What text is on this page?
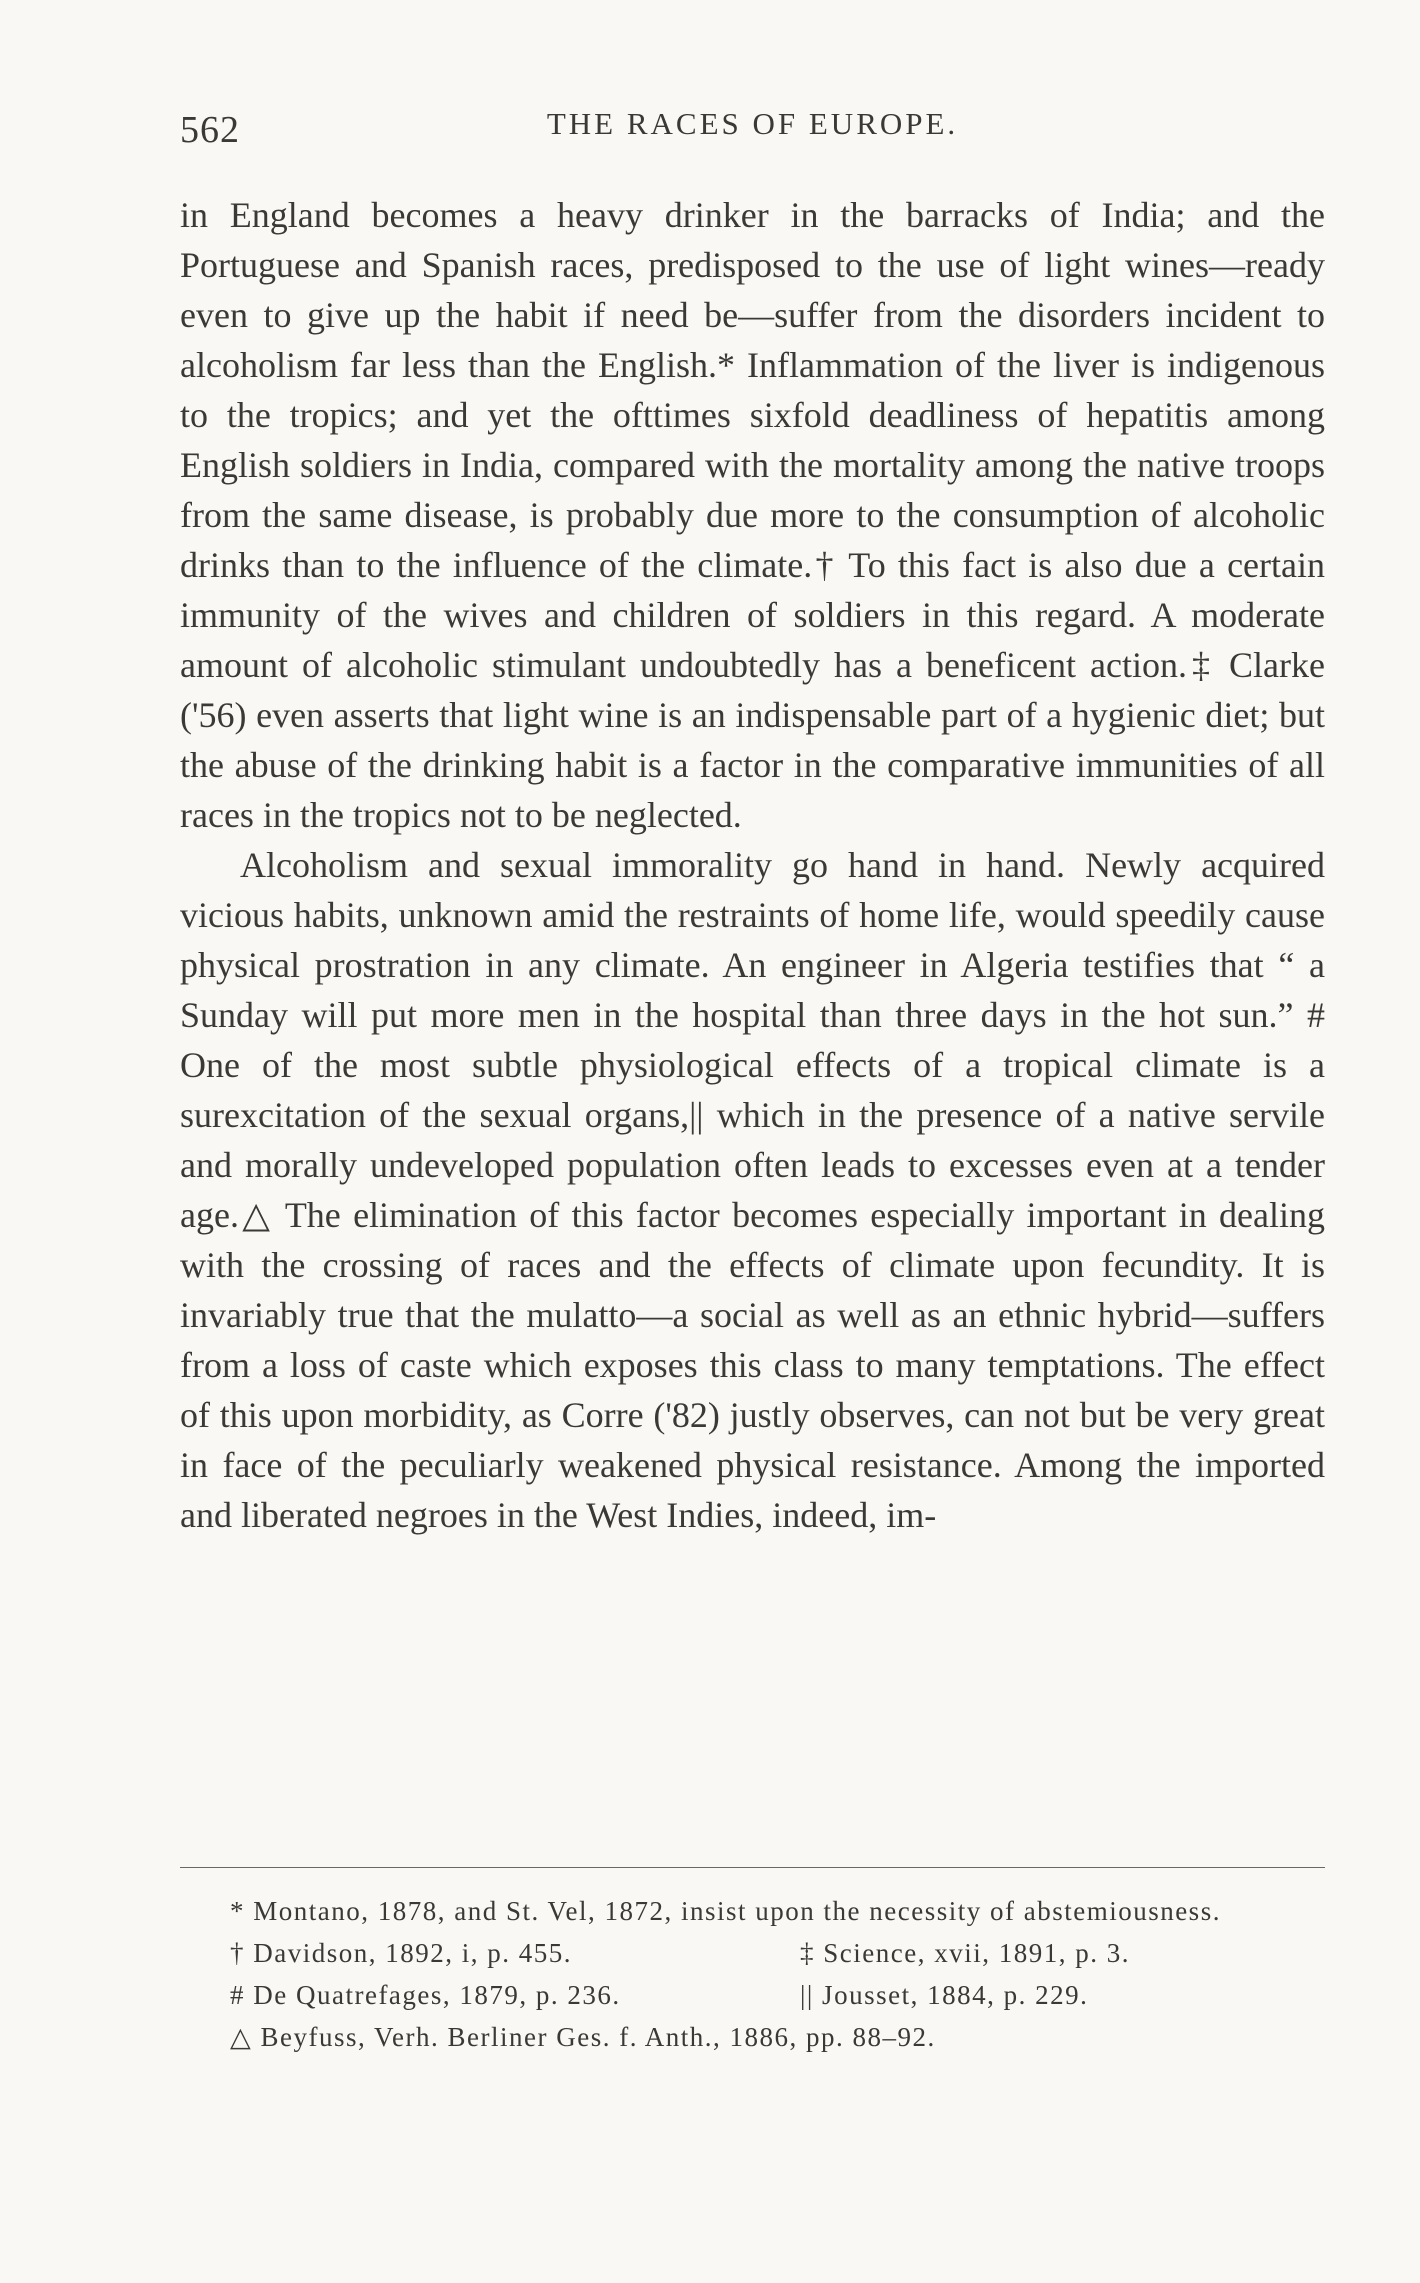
562	THE RACES OF EUROPE.

in England becomes a heavy drinker in the barracks of India; and the Portuguese and Spanish races, predisposed to the use of light wines—ready even to give up the habit if need be—suffer from the disorders incident to alcoholism far less than the English.* Inflammation of the liver is indigenous to the tropics; and yet the ofttimes sixfold deadliness of hepatitis among English soldiers in India, compared with the mortality among the native troops from the same disease, is probably due more to the consumption of alcoholic drinks than to the influence of the climate.† To this fact is also due a certain immunity of the wives and children of soldiers in this regard. A moderate amount of alcoholic stimulant undoubtedly has a beneficent action.‡ Clarke ('56) even asserts that light wine is an indispensable part of a hygienic diet; but the abuse of the drinking habit is a factor in the comparative immunities of all races in the tropics not to be neglected.

Alcoholism and sexual immorality go hand in hand. Newly acquired vicious habits, unknown amid the restraints of home life, would speedily cause physical prostration in any climate. An engineer in Algeria testifies that “ a Sunday will put more men in the hospital than three days in the hot sun.” # One of the most subtle physiological effects of a tropical climate is a surexcitation of the sexual organs,|| which in the presence of a native servile and morally undeveloped population often leads to excesses even at a tender age.△ The elimination of this factor becomes especially important in dealing with the crossing of races and the effects of climate upon fecundity. It is invariably true that the mulatto—a social as well as an ethnic hybrid—suffers from a loss of caste which exposes this class to many temptations. The effect of this upon morbidity, as Corre ('82) justly observes, can not but be very great in face of the peculiarly weakened physical resistance. Among the imported and liberated negroes in the West Indies, indeed, im-

* Montano, 1878, and St. Vel, 1872, insist upon the necessity of abstemiousness.

† Davidson, 1892, i, p. 455.	‡ Science, xvii, 1891, p. 3.
# De Quatrefages, 1879, p. 236.	|| Jousset, 1884, p. 229.

△ Beyfuss, Verh. Berliner Ges. f. Anth., 1886, pp. 88–92.
